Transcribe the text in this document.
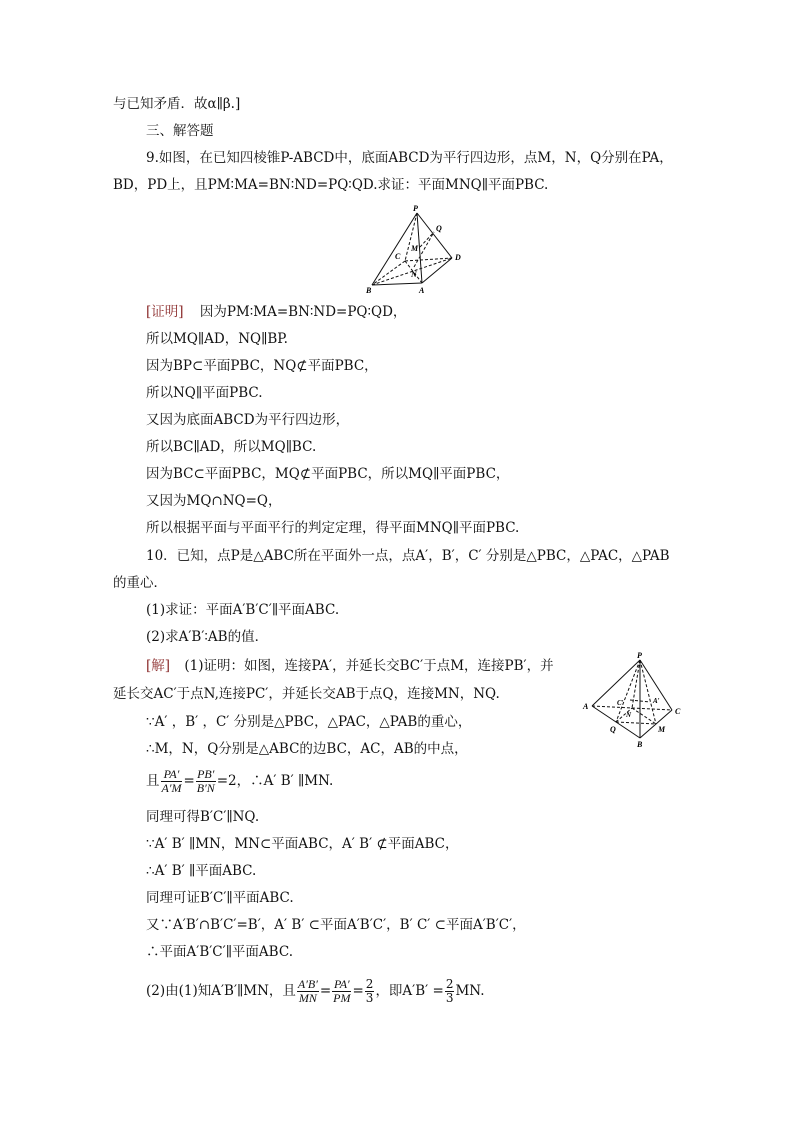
与已知矛盾．故α∥β.]
三、解答题
9.如图，在已知四棱锥P-ABCD中，底面ABCD为平行四边形，点M，N，Q分别在PA，
BD，PD上，且PM∶MA=BN∶ND=PQ∶QD.求证：平面MNQ∥平面PBC.
P
Q
M
C	D
N
B	A
[证明] 因为PM∶MA=BN∶ND=PQ∶QD，
所以MQ∥AD，NQ∥BP.
因为BP⊂平面PBC，NQ⊄平面PBC，
所以NQ∥平面PBC.
又因为底面ABCD为平行四边形，
所以BC∥AD，所以MQ∥BC.
因为BC⊂平面PBC，MQ⊄平面PBC，所以MQ∥平面PBC，
又因为MQ∩NQ=Q，
所以根据平面与平面平行的判定定理，得平面MNQ∥平面PBC.
10．已知，点P是△ABC所在平面外一点，点A′，B′，C′ 分别是△PBC，△PAC，△PAB
的重心．
(1)求证：平面A′B′C′∥平面ABC.
(2)求A′B′∶AB的值．
[解] (1)证明：如图，连接PA′，并延长交BC′于点M，连接PB′，并
延长交AC′于点N,连接PC′，并延长交AB于点Q，连接MN，NQ.
P
A	C′	A′
N	C
Q	M
B
∵A′ ，B′ ，C′ 分别是△PBC，△PAC，△PAB的重心，
∴M，N，Q分别是△ABC的边BC，AC，AB的中点，
且 $\frac{PA'}{A'M} = \frac{PB'}{B'N} =2$，∴A′ B′ ∥MN.
同理可得B′C′∥NQ.
∵A′ B′ ∥MN，MN⊂平面ABC，A′ B′ ⊄平面ABC，
∴A′ B′ ∥平面ABC.
同理可证B′C′∥平面ABC.
又∵A′B′∩B′C′=B′，A′ B′ ⊂平面A′B′C′，B′ C′ ⊂平面A′B′C′，
∴平面A′B′C′∥平面ABC.
(2)由(1)知A′B′∥MN，且 $\frac{A'B'}{MN} = \frac{PA'}{PM} = \frac{2}{3}$ ，即$A'B' = \frac{2}{3}$ MN.
